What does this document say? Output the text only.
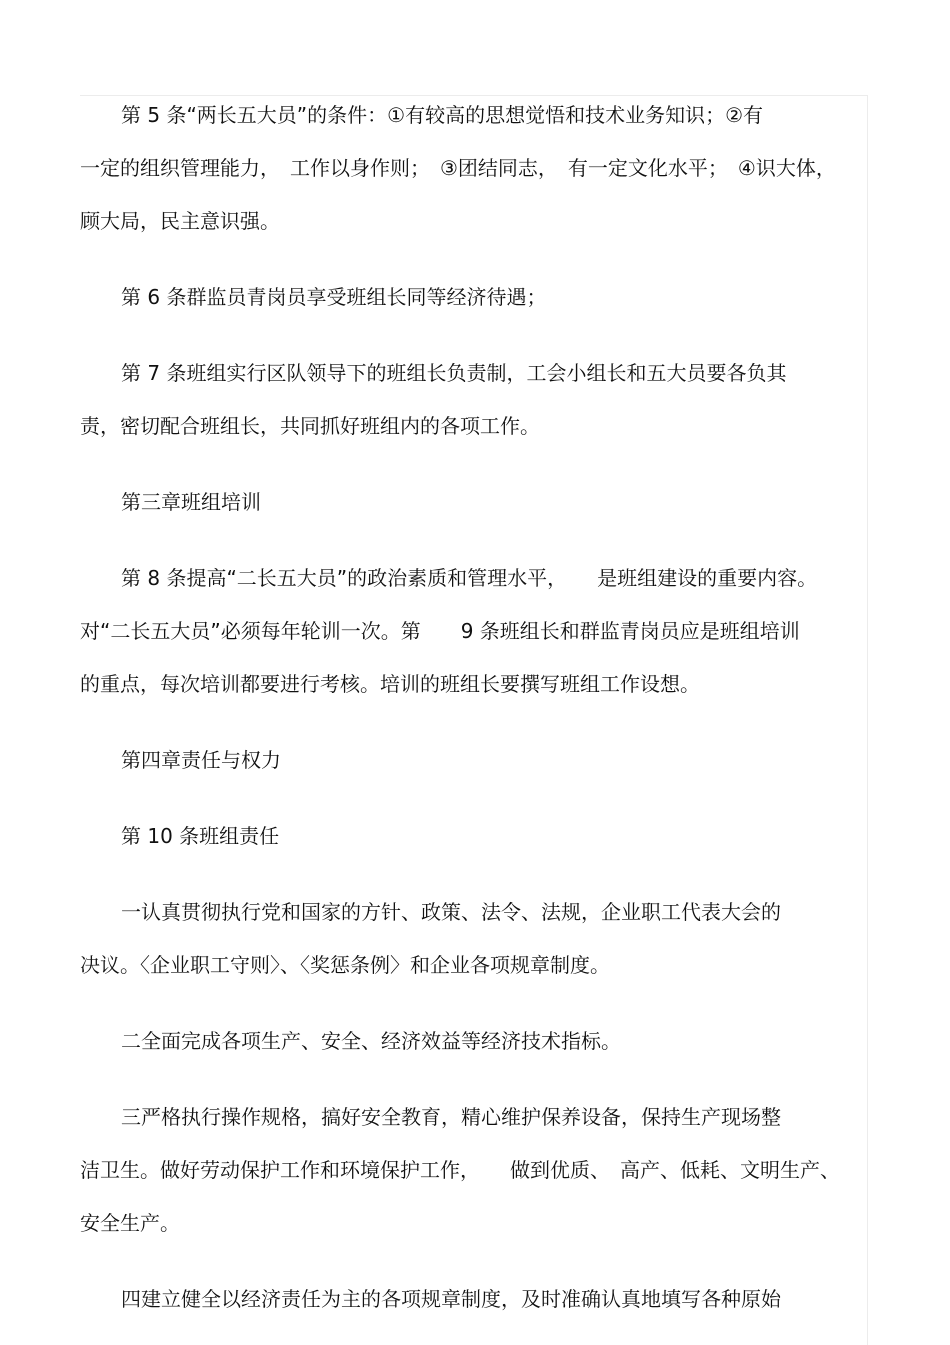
第 5 条“两长五大员”的条件：①有较高的思想觉悟和技术业务知识；②有
一定的组织管理能力，　工作以身作则；　③团结同志，　有一定文化水平；　④识大体，
顾大局，民主意识强。
第 6 条群监员青岗员享受班组长同等经济待遇；
第 7 条班组实行区队领导下的班组长负责制，工会小组长和五大员要各负其
责，密切配合班组长，共同抓好班组内的各项工作。
第三章班组培训
第 8 条提高“二长五大员”的政治素质和管理水平，　　是班组建设的重要内容。
对“二长五大员”必须每年轮训一次。第　　9 条班组长和群监青岗员应是班组培训
的重点，每次培训都要进行考核。培训的班组长要撰写班组工作设想。
第四章责任与权力
第 10 条班组责任
一认真贯彻执行党和国家的方针、政策、法令、法规，企业职工代表大会的
决议。〈企业职工守则〉、〈奖惩条例〉和企业各项规章制度。
二全面完成各项生产、安全、经济效益等经济技术指标。
三严格执行操作规格，搞好安全教育，精心维护保养设备，保持生产现场整
洁卫生。做好劳动保护工作和环境保护工作，　　做到优质、　高产、低耗、文明生产、
安全生产。
四建立健全以经济责任为主的各项规章制度，及时准确认真地填写各种原始
